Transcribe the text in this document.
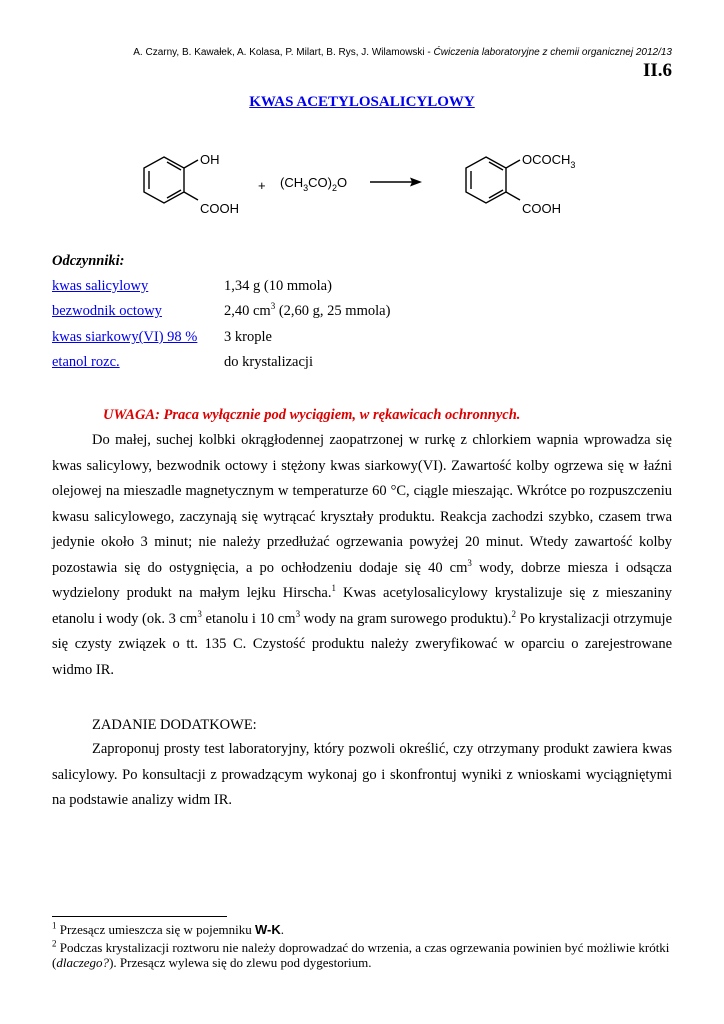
A. Czarny, B. Kawałek, A. Kolasa, P. Milart, B. Rys, J. Wilamowski - Ćwiczenia laboratoryjne z chemii organicznej 2012/13
II.6
KWAS ACETYLOSALICYLOWY
OH
COOH
+ $(CH_3CO)_2O$
$OCOCH_3$
COOH
Odczynniki:
kwas salicylowy	1,34 g (10 mmola)
bezwodnik octowy	2,40 $cm^3$ (2,60 g, 25 mmola)
kwas siarkowy(VI) 98 % 3 krople
etanol rozc.	do krystalizacji
UWAGA: Praca wyłącznie pod wyciągiem, w rękawicach ochronnych.

Do małej, suchej kolbki okrągłodennej zaopatrzonej w rurkę z chlorkiem wapnia wprowadza się kwas salicylowy, bezwodnik octowy i stężony kwas siarkowy(VI). Zawartość kolby ogrzewa się w łaźni olejowej na mieszadle magnetycznym w temperaturze 60 °C, ciągle mieszając. Wkrótce po rozpuszczeniu kwasu salicylowego, zaczynają się wytrącać kryształy produktu. Reakcja zachodzi szybko, czasem trwa jedynie około 3 minut; nie należy przedłużać ogrzewania powyżej 20 minut. Wtedy zawartość kolby pozostawia się do ostygnięcia, a po ochłodzeniu dodaje się 40 $cm^3$ wody, dobrze miesza i odsącza wydzielony produkt na małym lejku Hirscha.$^1$ Kwas acetylosalicylowy krystalizuje się z mieszaniny etanolu i wody (ok. 3 $cm^3$ etanolu i 10 $cm^3$ wody na gram surowego produktu).$^2$ Po krystalizacji otrzymuje się czysty związek o tt. 135 C. Czystość produktu należy zweryfikować w oparciu o zarejestrowane widmo IR.

ZADANIE DODATKOWE:

Zaproponuj prosty test laboratoryjny, który pozwoli określić, czy otrzymany produkt zawiera kwas salicylowy. Po konsultacji z prowadzącym wykonaj go i skonfrontuj wyniki z wnioskami wyciągniętymi na podstawie analizy widm IR.

$^1$ Przesącz umieszcza się w pojemniku W-K.
$^2$ Podczas krystalizacji roztworu nie należy doprowadzać do wrzenia, a czas ogrzewania powinien być możliwie krótki (dlaczego?). Przesącz wylewa się do zlewu pod dygestorium.
